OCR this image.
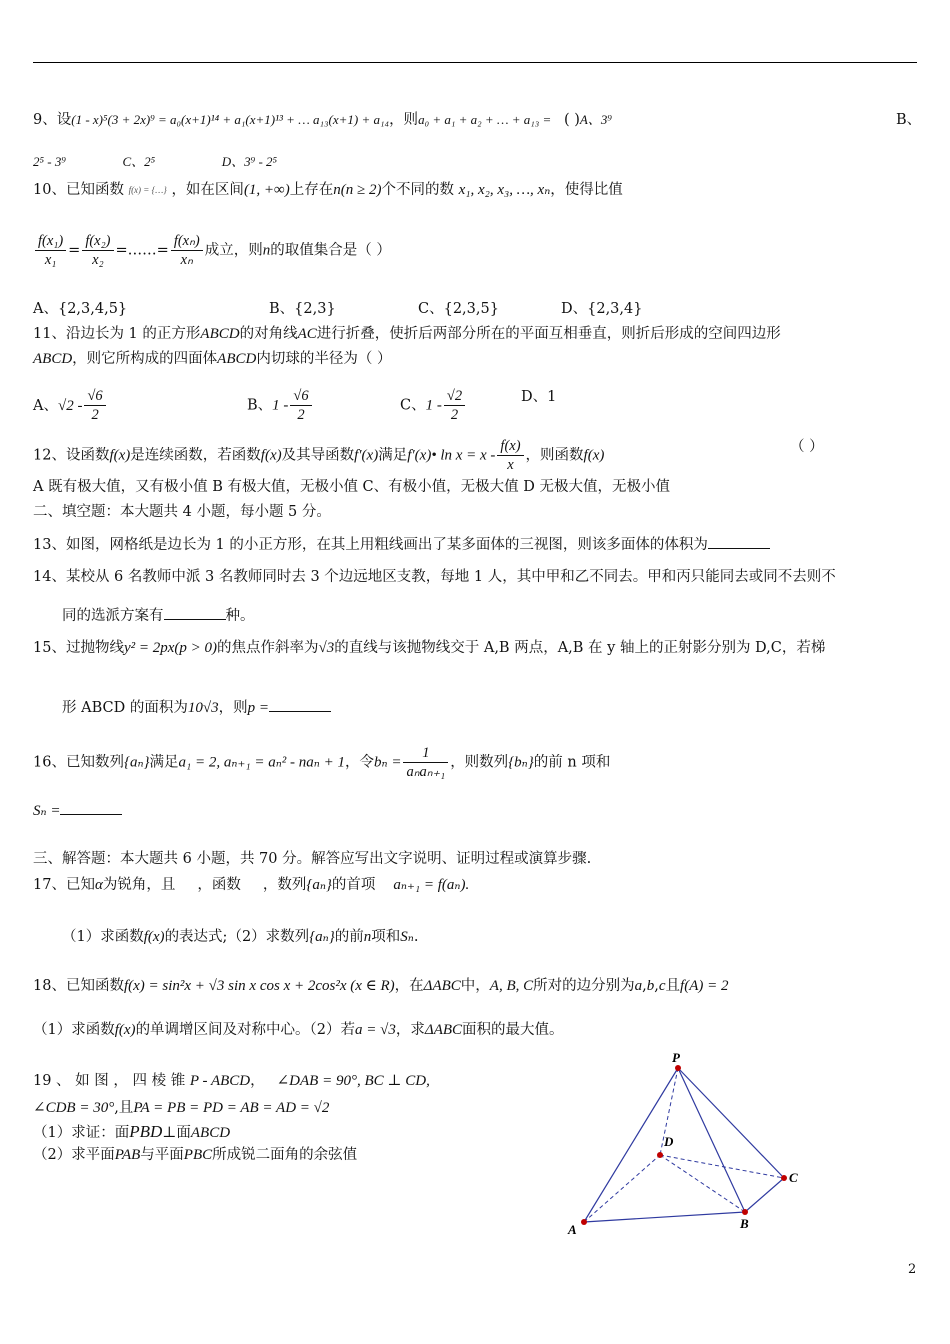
9、设(1 - x)⁵(3 + 2x)⁹ = a₀(x+1)¹⁴ + a₁(x+1)¹³ + … a₁₃(x+1) + a₁₄，则a₀ + a₁ + a₂ + … + a₁₃ = ( )A、3⁹	B、
2⁵ - 3⁹	C、2⁵	D、3⁹ - 2⁵
10、已知函数 f(x) = {…} ，如在区间(1, +∞)上存在n(n ≥ 2)个不同的数 x₁, x₂, x₃, …, xₙ，使得比值
$\frac{\text{f(x₁)}}{\text{x₁}} = \frac{\text{f(x₂)}}{\text{x₂}}$ =……= $\frac{\text{f(xₙ)}}{\text{xₙ}}$ 成立，则n的取值集合是（ ）
A、{2,3,4,5}	B、{2,3}	C、{2,3,5}	D、{2,3,4}
11、沿边长为 1 的正方形ABCD的对角线AC进行折叠，使折后两部分所在的平面互相垂直，则折后形成的空间四边形
ABCD，则它所构成的四面体ABCD内切球的半径为（ ）
A、$√2 - \frac{√6}{2}$	B、$1 - \frac{√6}{2}$	C、$1 - \frac{√2}{2}$	D、1
12、设函数f(x)是连续函数，若函数f(x)及其导函数f′(x)满足f′(x)• $\ln x = x - \frac{f(x)}{x}$ ，则函数f(x)
（ ）
A 既有极大值，又有极小值 B 有极大值，无极小值 C、有极小值，无极大值 D 无极大值，无极小值
二、填空题：本大题共 4 小题，每小题 5 分。
13、如图，网格纸是边长为 1 的小正方形，在其上用粗线画出了某多面体的三视图，则该多面体的体积为
14、某校从 6 名教师中派 3 名教师同时去 3 个边远地区支教，每地 1 人，其中甲和乙不同去。甲和丙只能同去或同不去则不
同的选派方案有	种。
15、过抛物线y² = 2px(p > 0)的焦点作斜率为√3的直线与该抛物线交于 A,B 两点，A,B 在 y 轴上的正射影分别为 D,C，若梯
形 ABCD 的面积为10√3，则p =
16、已知数列{aₙ}满足a₁ = 2, aₙ₊₁ = aₙ² - naₙ + 1，令$b_n = \frac{1}{\text{aₙaₙ₊₁}}$ ，则数列{bₙ}的前 n 项和
Sₙ =
三、解答题：本大题共 6 小题，共 70 分。解答应写出文字说明、证明过程或演算步骤.
17、已知α为锐角，且 ，函数 ，数列{aₙ}的首项 aₙ₊₁ = f(aₙ).
（1）求函数f(x)的表达式;（2）求数列{aₙ}的前n项和Sₙ.
18、已知函数f(x) = sin²x + √3 sin x cos x + 2cos²x (x ∈ R)，在ΔABC中，A, B, C所对的边分别为a,b,c且f(A) = 2
（1）求函数f(x)的单调增区间及对称中心。（2）若a = √3，求ΔABC面积的最大值。
19 、 如 图 ， 四 棱 锥 P - ABCD， ∠DAB = 90°, BC ⊥ CD,
∠CDB = 30°,且PA = PB = PD = AB = AD = √2
（1）求证：面PBD⊥面ABCD
（2）求平面PAB与平面PBC所成锐二面角的余弦值
P
D
C
A	B
2
